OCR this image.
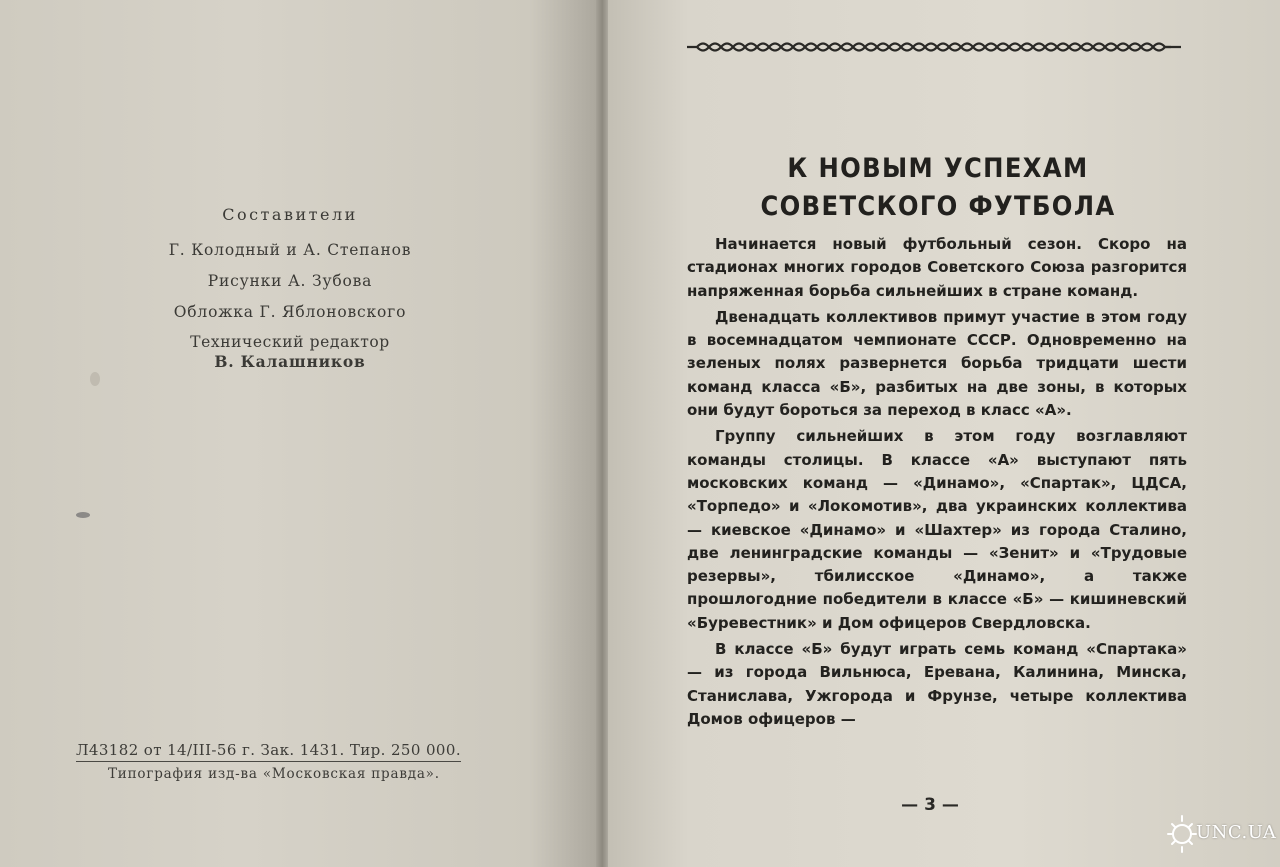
Составители
Г. Колодный и А. Степанов
Рисунки А. Зубова
Обложка Г. Яблоновского
Технический редактор
В. Калашников
Л43182 от 14/III-56 г. Зак. 1431. Тир. 250 000.
Типография изд-ва «Московская правда».
К НОВЫМ УСПЕХАМ
СОВЕТСКОГО ФУТБОЛА

Начинается новый футбольный сезон. Скоро на стадионах многих городов Советского Союза разгорится напряженная борьба сильнейших в стране команд.

Двенадцать коллективов примут участие в этом году в восемнадцатом чемпионате СССР. Одновременно на зеленых полях развернется борьба тридцати шести команд класса «Б», разбитых на две зоны, в которых они будут бороться за переход в класс «А».

Группу сильнейших в этом году возглавляют команды столицы. В классе «А» выступают пять московских команд — «Динамо», «Спартак», ЦДСА, «Торпедо» и «Локомотив», два украинских коллектива — киевское «Динамо» и «Шахтер» из города Сталино, две ленинградские команды — «Зенит» и «Трудовые резервы», тбилисское «Динамо», а также прошлогодние победители в классе «Б» — кишиневский «Буревестник» и Дом офицеров Свердловска.

В классе «Б» будут играть семь команд «Спартака» — из города Вильнюса, Еревана, Калинина, Минска, Станислава, Ужгорода и Фрунзе, четыре коллектива Домов офицеров —

— 3 —
UNC.UA
